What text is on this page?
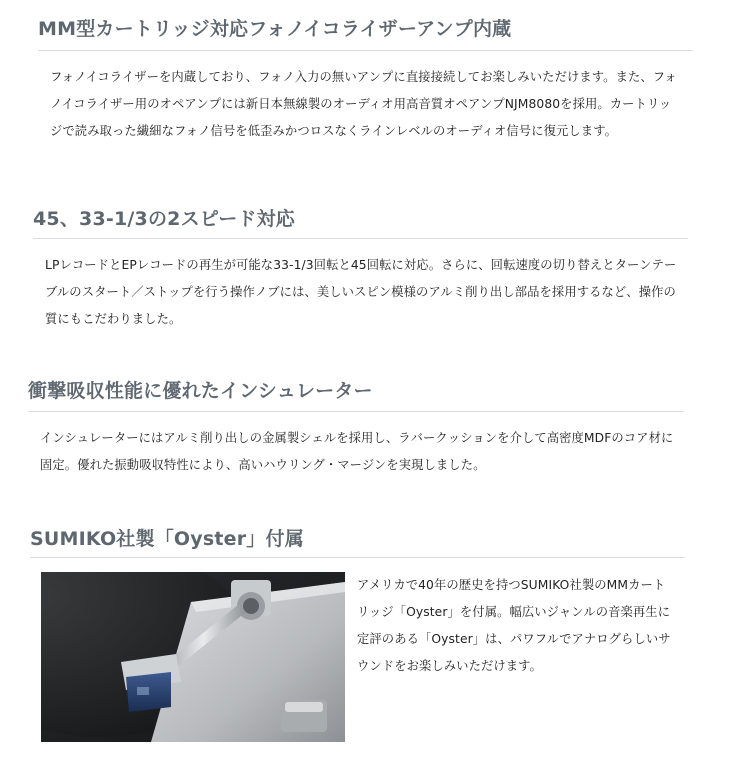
MM型カートリッジ対応フォノイコライザーアンプ内蔵

フォノイコライザーを内蔵しており、フォノ入力の無いアンプに直接接続してお楽しみいただけます。また、フォノイコライザー用のオペアンプには新日本無線製のオーディオ用高音質オペアンプNJM8080を採用。カートリッジで読み取った繊細なフォノ信号を低歪みかつロスなくラインレベルのオーディオ信号に復元します。

45、33-1/3の2スピード対応

LPレコードとEPレコードの再生が可能な33-1/3回転と45回転に対応。さらに、回転速度の切り替えとターンテーブルのスタート／ストップを行う操作ノブには、美しいスピン模様のアルミ削り出し部品を採用するなど、操作の質にもこだわりました。

衝撃吸収性能に優れたインシュレーター

インシュレーターにはアルミ削り出しの金属製シェルを採用し、ラバークッションを介して高密度MDFのコア材に固定。優れた振動吸収特性により、高いハウリング・マージンを実現しました。

SUMIKO社製「Oyster」付属

アメリカで40年の歴史を持つSUMIKO社製のMMカートリッジ「Oyster」を付属。幅広いジャンルの音楽再生に定評のある「Oyster」は、パワフルでアナログらしいサウンドをお楽しみいただけます。
